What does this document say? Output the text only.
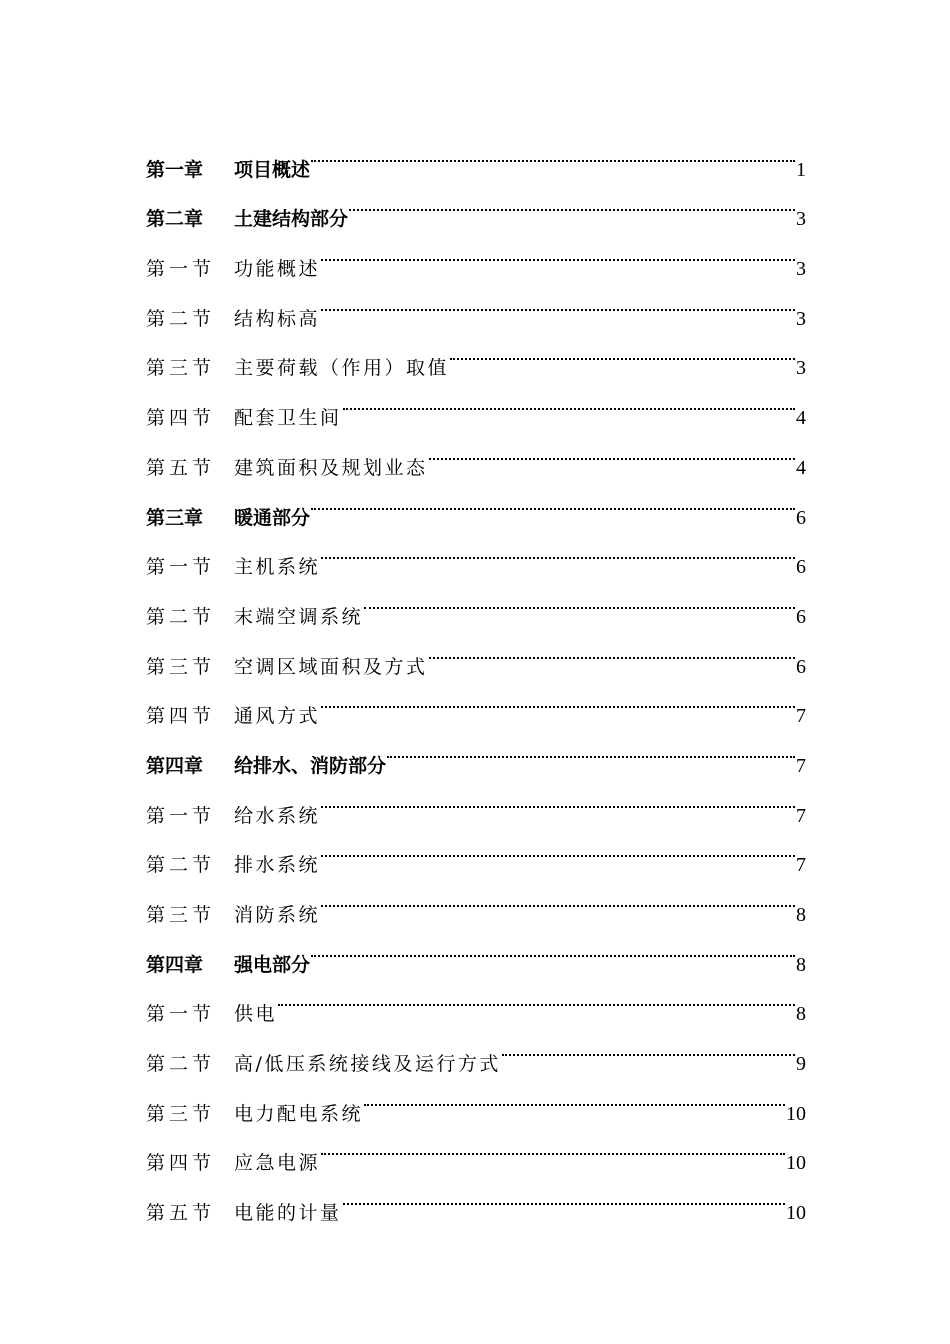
第一章	项目概述	1
第二章	土建结构部分	3
第一节 功能概述	3
第二节 结构标高	3
第三节 主要荷载（作用）取值	3
第四节 配套卫生间	4
第五节 建筑面积及规划业态	4
第三章	暖通部分	6
第一节 主机系统	6
第二节 末端空调系统	6
第三节 空调区域面积及方式	6
第四节 通风方式	7
第四章	给排水、消防部分	7
第一节 给水系统	7
第二节 排水系统	7
第三节 消防系统	8
第四章	强电部分	8
第一节 供电	8
第二节 高/低压系统接线及运行方式	9
第三节 电力配电系统	10
第四节 应急电源	10
第五节 电能的计量	10
